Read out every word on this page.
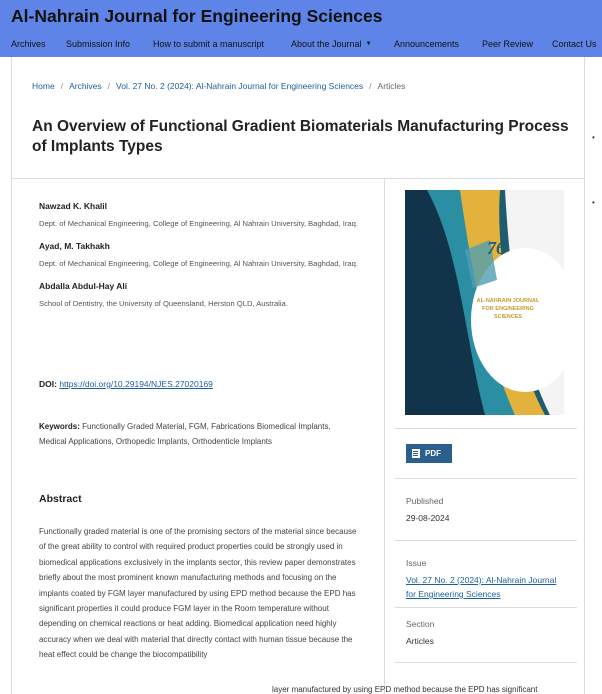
Al-Nahrain Journal for Engineering Sciences
Archives Submission Info	How to submit a manuscript	About the Journal ▼ Announcements	Peer Review Contact Us
Home / Archives / Vol. 27 No. 2 (2024): Al-Nahrain Journal for Engineering Sciences / Articles
An Overview of Functional Gradient Biomaterials Manufacturing Process of Implants Types
Nawzad K. Khalil
Dept. of Mechanical Engineering, College of Engineering, Al Nahrain University, Baghdad, Iraq.
Ayad, M. Takhakh
Dept. of Mechanical Engineering, College of Engineering, Al Nahrain University, Baghdad, Iraq.
Abdalla Abdul-Hay Ali
School of Dentistry, the University of Queensland, Herston QLD, Australia.
DOI: https://doi.org/10.29194/NJES.27020169
Keywords: Functionally Graded Material, FGM, Fabrications Biomedical Implants, Medical Applications, Orthopedic Implants, Orthodenticle Implants
Abstract

Functionally graded material is one of the promising sectors of the material since because of the great ability to control with required product properties could be strongly used in biomedical applications exclusively in the implants sector, this review paper demonstrates briefly about the most prominent known manufacturing methods and focusing on the implants coated by FGM layer manufactured by using EPD method because the EPD has significant properties it could produce FGM layer in the Room temperature without depending on chemical reactions or heat adding. Biomedical application need highly accuracy when we deal with material that directly contact with human tissue because the heat effect could be change the biocompatibility

76
AL-NAHRAIN JOURNAL
FOR ENGINEERING
SCIENCES
PDF
Published
29-08-2024
Issue
Vol. 27 No. 2 (2024): Al-Nahrain Journal for Engineering Sciences
Section
Articles
•
•
layer manufactured by using EPD method because the EPD has significant
